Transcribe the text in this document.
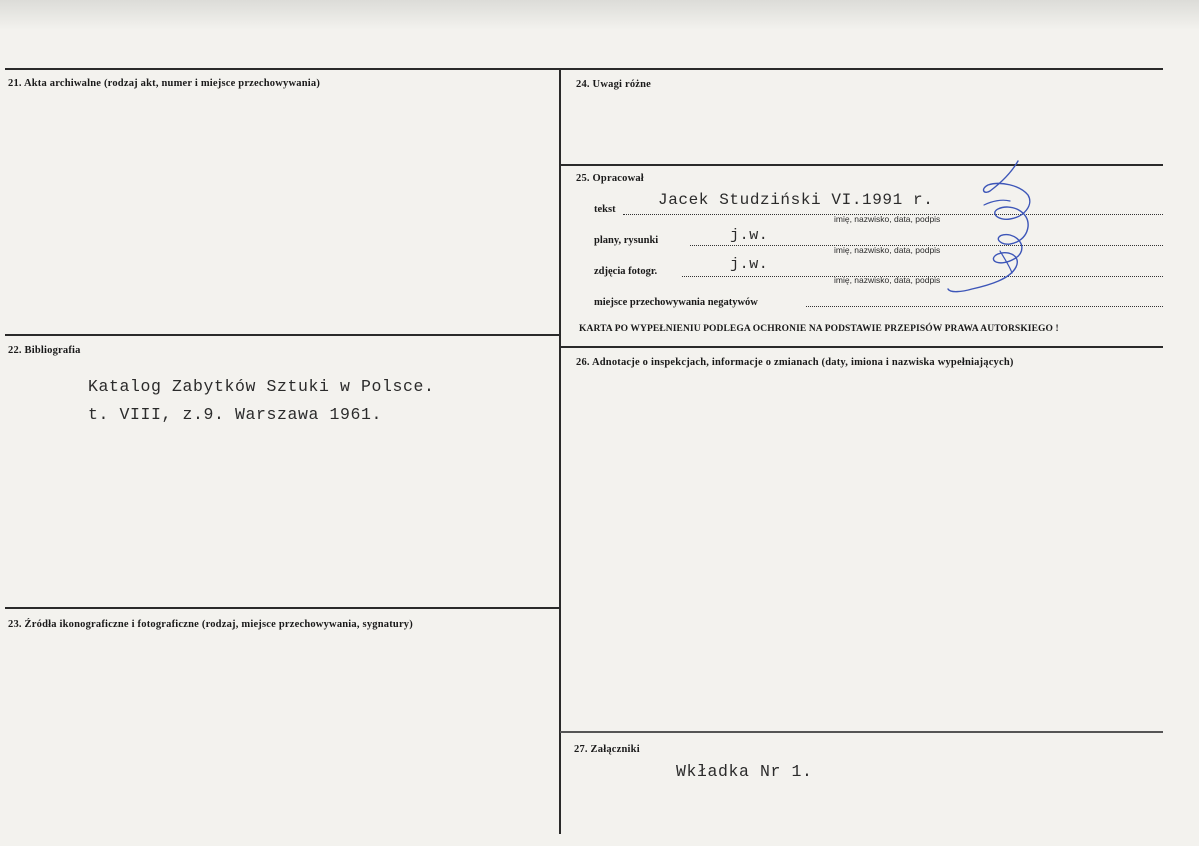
21. Akta archiwalne (rodzaj akt, numer i miejsce przechowywania)
22. Bibliografia
Katalog Zabytków Sztuki w Polsce.
t. VIII, z.9. Warszawa 1961.
23. Źródła ikonograficzne i fotograficzne (rodzaj, miejsce przechowywania, sygnatury)
24. Uwagi różne
25. Opracował
tekst
Jacek Studziński VI.1991 r.
imię, nazwisko, data, podpis
plany, rysunki	j.w.
imię, nazwisko, data, podpis
zdjęcia fotogr.	j.w.
imię, nazwisko, data, podpis
miejsce przechowywania negatywów
KARTA PO WYPEŁNIENIU PODLEGA OCHRONIE NA PODSTAWIE PRZEPISÓW PRAWA AUTORSKIEGO !
26. Adnotacje o inspekcjach, informacje o zmianach (daty, imiona i nazwiska wypełniających)
27. Załączniki
Wkładka Nr 1.
